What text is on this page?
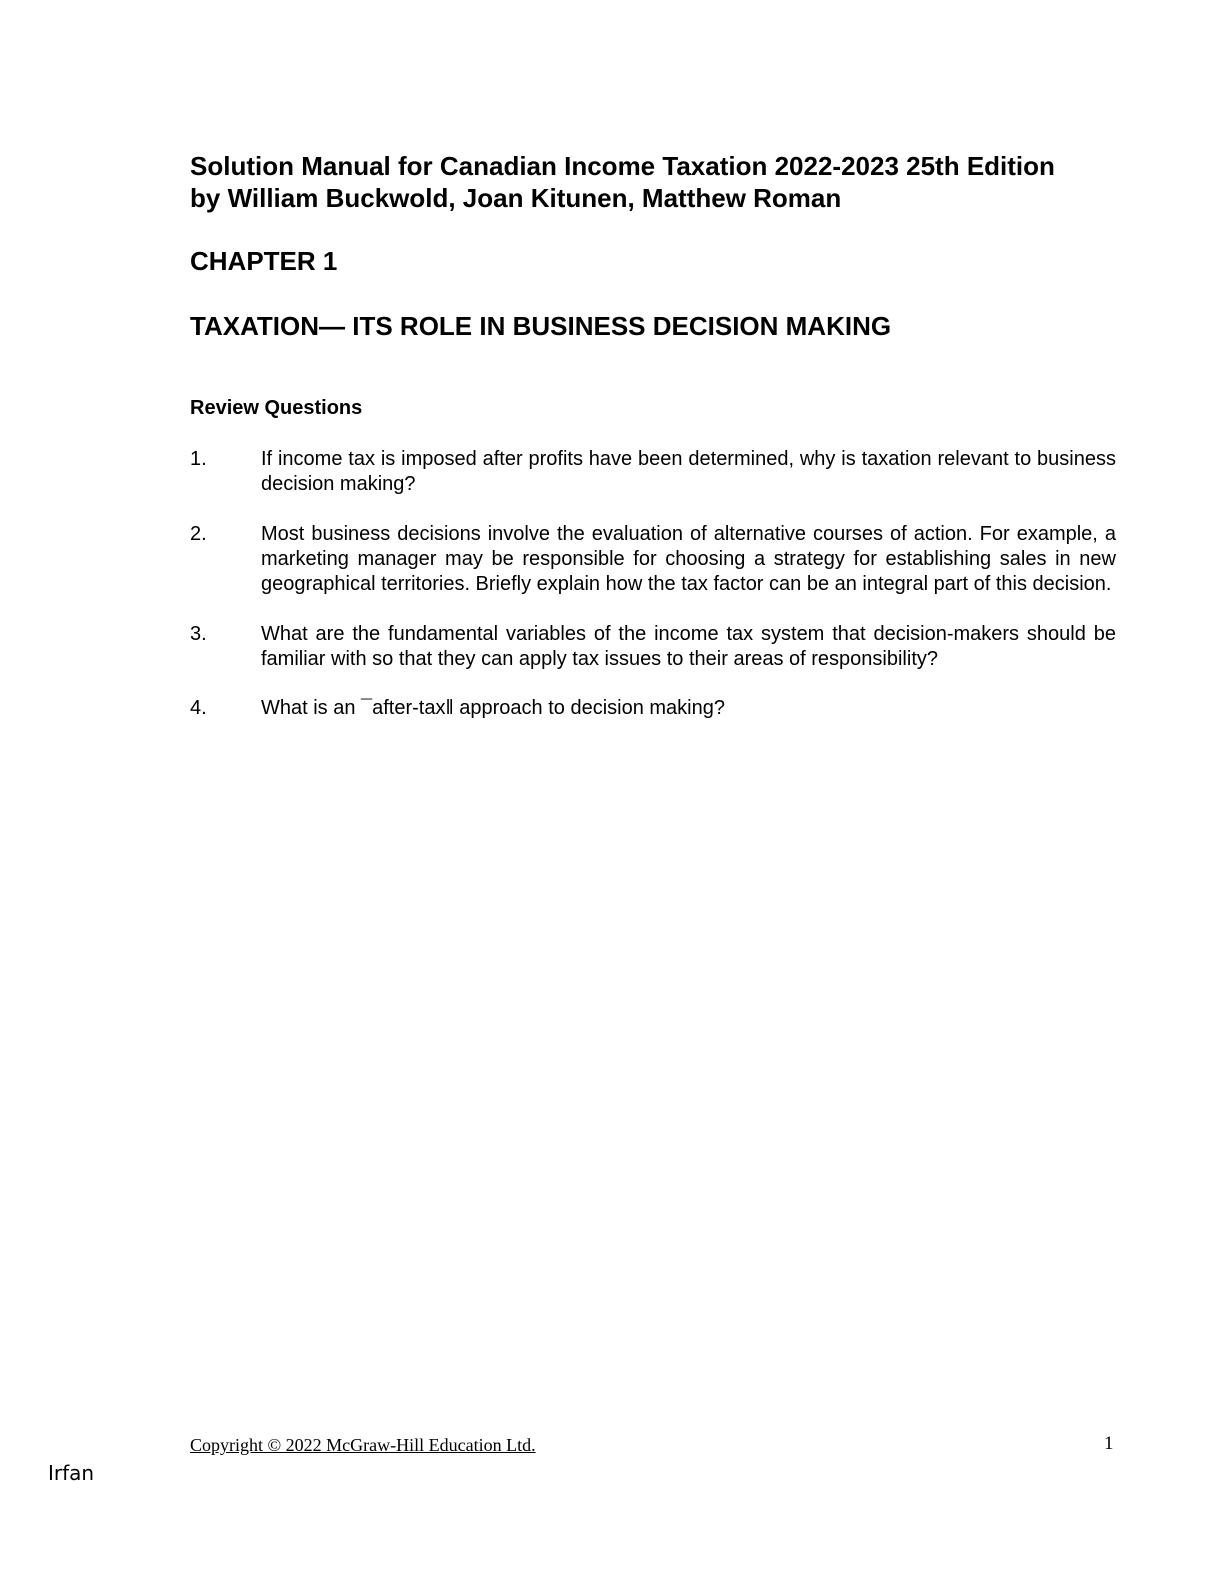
Solution Manual for Canadian Income Taxation 2022-2023 25th Edition
by William Buckwold, Joan Kitunen, Matthew Roman
CHAPTER 1
TAXATION— ITS ROLE IN BUSINESS DECISION MAKING
Review Questions
1.	If income tax is imposed after profits have been determined, why is taxation relevant to business decision making?
2.	Most business decisions involve the evaluation of alternative courses of action. For example, a marketing manager may be responsible for choosing a strategy for establishing sales in new geographical territories. Briefly explain how the tax factor can be an integral part of this decision.
3.	What are the fundamental variables of the income tax system that decision-makers should be familiar with so that they can apply tax issues to their areas of responsibility?
4.	What is an ¯after-tax‖ approach to decision making?
Copyright © 2022 McGraw-Hill Education Ltd.	1
Irfan
